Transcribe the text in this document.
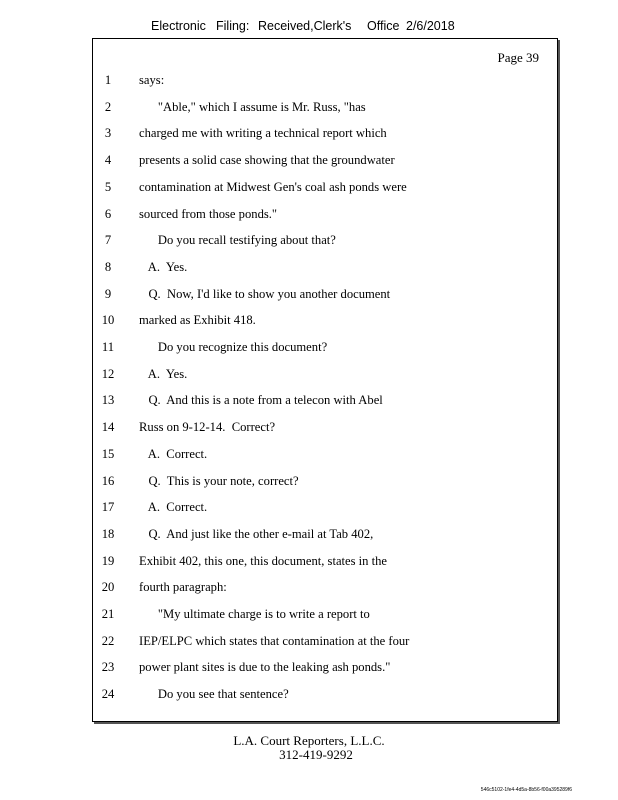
Electronic

Filing:

Received,Clerk's

Office

2/6/2018

Page 39
1	says:
2	"Able," which I assume is Mr. Russ, "has
3	charged me with writing a technical report which
4	presents a solid case showing that the groundwater
5	contamination at Midwest Gen's coal ash ponds were
6	sourced from those ponds."
7	Do you recall testifying about that?
8	A.  Yes.
9	Q.  Now, I'd like to show you another document
10	marked as Exhibit 418.
11	Do you recognize this document?
12	A.  Yes.
13	Q.  And this is a note from a telecon with Abel
14	Russ on 9-12-14.  Correct?
15	A.  Correct.
16	Q.  This is your note, correct?
17	A.  Correct.
18	Q.  And just like the other e-mail at Tab 402,
19	Exhibit 402, this one, this document, states in the
20	fourth paragraph:
21	"My ultimate charge is to write a report to
22	IEP/ELPC which states that contamination at the four
23	power plant sites is due to the leaking ash ponds."
24	Do you see that sentence?
L.A. Court Reporters, L.L.C.
312-419-9292
546c5102-1fe4-4d5a-8b56-f00a395289f6
